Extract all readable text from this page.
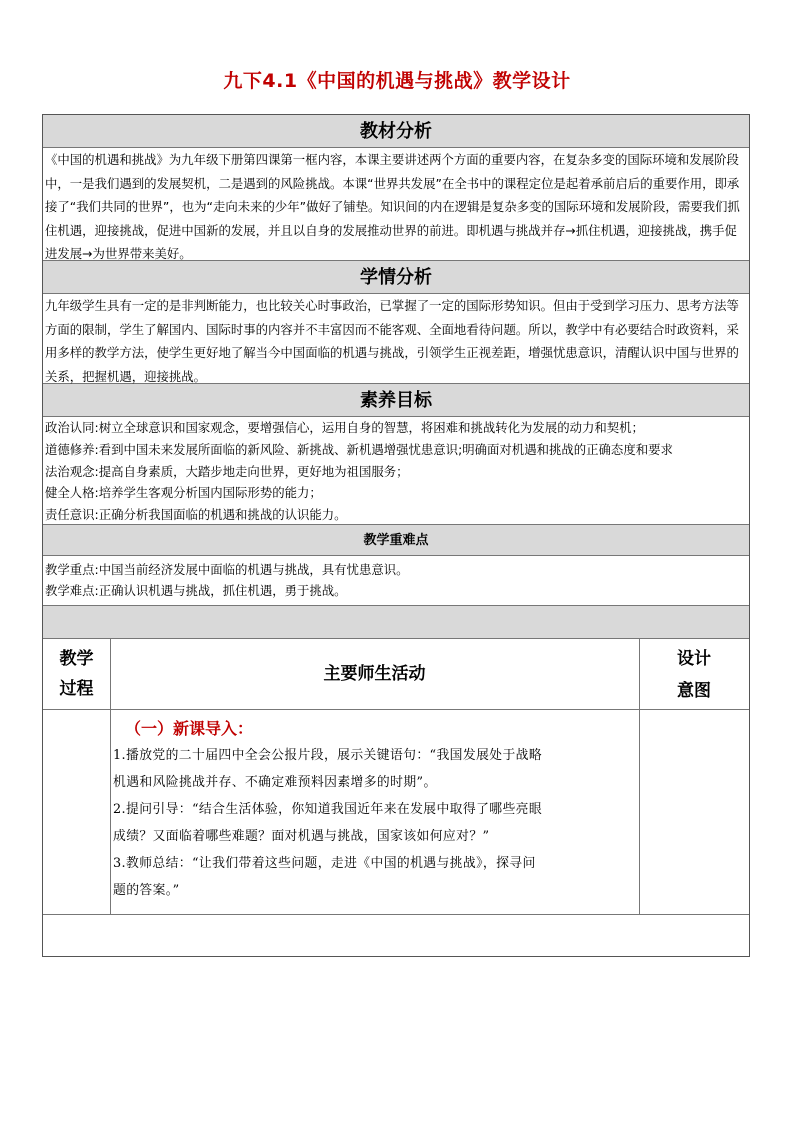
九下4.1《中国的机遇与挑战》教学设计
教材分析
《中国的机遇和挑战》为九年级下册第四课第一框内容，本课主要讲述两个方面的重要内容，在复杂多变的国际环境和发展阶段中，一是我们遇到的发展契机，二是遇到的风险挑战。本课“世界共发展”在全书中的课程定位是起着承前启后的重要作用，即承接了“我们共同的世界”，也为“走向未来的少年”做好了铺垫。知识间的内在逻辑是复杂多变的国际环境和发展阶段，需要我们抓住机遇，迎接挑战，促进中国新的发展，并且以自身的发展推动世界的前进。即机遇与挑战并存→抓住机遇，迎接挑战，携手促进发展→为世界带来美好。
学情分析
九年级学生具有一定的是非判断能力，也比较关心时事政治，已掌握了一定的国际形势知识。但由于受到学习压力、思考方法等方面的限制，学生了解国内、国际时事的内容并不丰富因而不能客观、全面地看待问题。所以，教学中有必要结合时政资料，采用多样的教学方法，使学生更好地了解当今中国面临的机遇与挑战，引领学生正视差距，增强忧患意识，清醒认识中国与世界的关系，把握机遇，迎接挑战。
素养目标
政治认同:树立全球意识和国家观念，要增强信心，运用自身的智慧，将困难和挑战转化为发展的动力和契机；
道德修养:看到中国未来发展所面临的新风险、新挑战、新机遇增强忧患意识;明确面对机遇和挑战的正确态度和要求
法治观念:提高自身素质，大踏步地走向世界，更好地为祖国服务；
健全人格:培养学生客观分析国内国际形势的能力；
责任意识:正确分析我国面临的机遇和挑战的认识能力。
教学重难点
教学重点:中国当前经济发展中面临的机遇与挑战，具有忧患意识。
教学难点:正确认识机遇与挑战，抓住机遇，勇于挑战。
教学
过程
主要师生活动
设计
意图
（一）新课导入：
1.播放党的二十届四中全会公报片段，展示关键语句：“我国发展处于战略
机遇和风险挑战并存、不确定难预料因素增多的时期”。
2.提问引导：“结合生活体验，你知道我国近年来在发展中取得了哪些亮眼
成绩？又面临着哪些难题？面对机遇与挑战，国家该如何应对？”
3.教师总结：“让我们带着这些问题，走进《中国的机遇与挑战》，探寻问
题的答案。”
